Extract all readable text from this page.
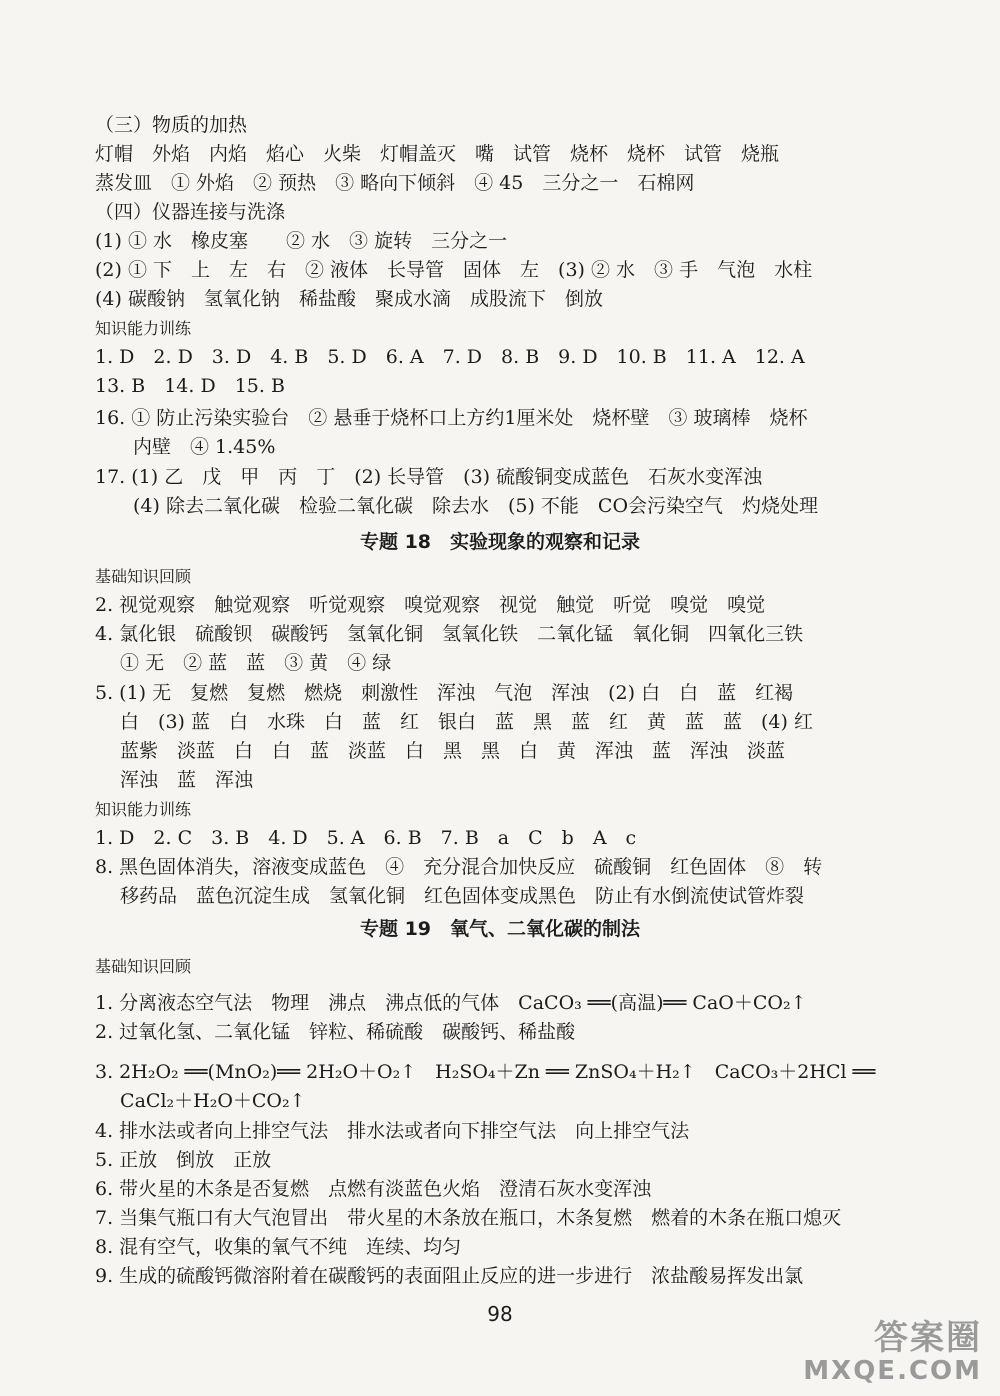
（三）物质的加热
灯帽　外焰　内焰　焰心　火柴　灯帽盖灭　嘴　试管　烧杯　烧杯　试管　烧瓶
蒸发皿　① 外焰　② 预热　③ 略向下倾斜　④ 45　三分之一　石棉网
（四）仪器连接与洗涤
(1) ① 水　橡皮塞　　② 水　③ 旋转　三分之一
(2) ① 下　上　左　右　② 液体　长导管　固体　左　(3) ② 水　③ 手　气泡　水柱
(4) 碳酸钠　氢氧化钠　稀盐酸　聚成水滴　成股流下　倒放
知识能力训练
1. D　2. D　3. D　4. B　5. D　6. A　7. D　8. B　9. D　10. B　11. A　12. A
13. B　14. D　15. B
16. ① 防止污染实验台　② 悬垂于烧杯口上方约1厘米处　烧杯壁　③ 玻璃棒　烧杯
　　内壁　④ 1.45%
17. (1) 乙　戊　甲　丙　丁　(2) 长导管　(3) 硫酸铜变成蓝色　石灰水变浑浊
　　(4) 除去二氧化碳　检验二氧化碳　除去水　(5) 不能　CO会污染空气　灼烧处理
专题 18　实验现象的观察和记录
基础知识回顾
2. 视觉观察　触觉观察　听觉观察　嗅觉观察　视觉　触觉　听觉　嗅觉　嗅觉
4. 氯化银　硫酸钡　碳酸钙　氢氧化铜　氢氧化铁　二氧化锰　氧化铜　四氧化三铁
　 ① 无　② 蓝　蓝　③ 黄　④ 绿
5. (1) 无　复燃　复燃　燃烧　刺激性　浑浊　气泡　浑浊　(2) 白　白　蓝　红褐
　 白　(3) 蓝　白　水珠　白　蓝　红　银白　蓝　黑　蓝　红　黄　蓝　蓝　(4) 红
　 蓝紫　淡蓝　白　白　蓝　淡蓝　白　黑　黑　白　黄　浑浊　蓝　浑浊　淡蓝
　 浑浊　蓝　浑浊
知识能力训练
1. D　2. C　3. B　4. D　5. A　6. B　7. B　a　C　b　A　c
8. 黑色固体消失，溶液变成蓝色　④　充分混合加快反应　硫酸铜　红色固体　⑧　转
　 移药品　蓝色沉淀生成　氢氧化铜　红色固体变成黑色　防止有水倒流使试管炸裂
专题 19　氧气、二氧化碳的制法
基础知识回顾
1. 分离液态空气法　物理　沸点　沸点低的气体　CaCO₃ ══(高温)══ CaO＋CO₂↑
2. 过氧化氢、二氧化锰　锌粒、稀硫酸　碳酸钙、稀盐酸
3. 2H₂O₂ ══(MnO₂)══ 2H₂O＋O₂↑　H₂SO₄＋Zn ══ ZnSO₄＋H₂↑　CaCO₃＋2HCl ══
　 CaCl₂＋H₂O＋CO₂↑
4. 排水法或者向上排空气法　排水法或者向下排空气法　向上排空气法
5. 正放　倒放　正放
6. 带火星的木条是否复燃　点燃有淡蓝色火焰　澄清石灰水变浑浊
7. 当集气瓶口有大气泡冒出　带火星的木条放在瓶口，木条复燃　燃着的木条在瓶口熄灭
8. 混有空气，收集的氧气不纯　连续、均匀
9. 生成的硫酸钙微溶附着在碳酸钙的表面阻止反应的进一步进行　浓盐酸易挥发出氯
98
答案圈
MXQE.COM
